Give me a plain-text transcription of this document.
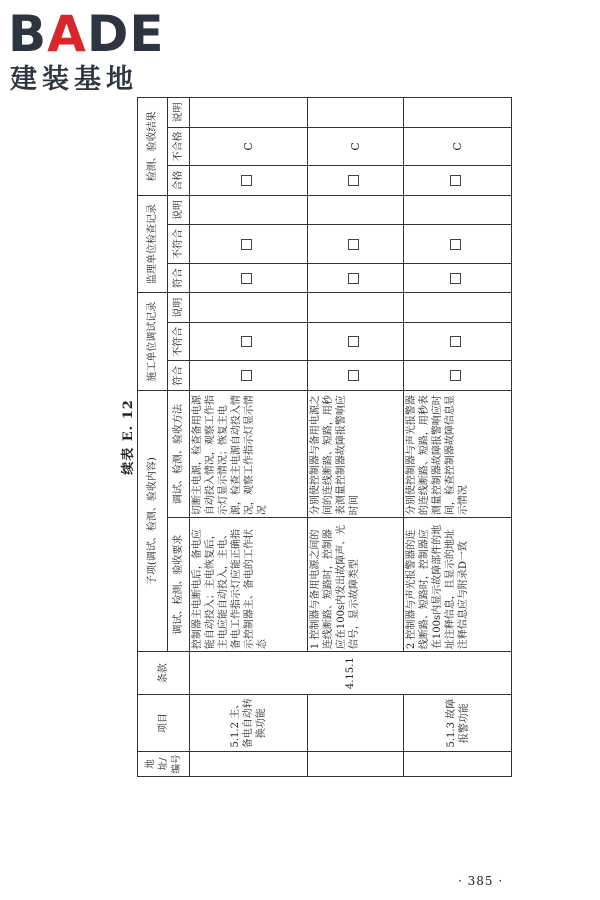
BADE
建装基地
续表 E. 12
地址/编号	项目	条款	子项(调试、检测、验收内容)		施工单位调试记录			监理单位检查记录			检测、验收结果		
			调试、检测、验收要求	调试、检测、验收方法	符合	不符合	说明	符合	不符合	说明	合格	不合格	说明
	5.1.2 主、备电自动转换功能	4.15.1	控制器主电断电后，备电应能自动投入；主电恢复后，主电应能自动投入，主电、备电工作指示灯应能正确指示控制器主、备电的工作状态	切断主电源，检查备用电源自动投入情况，观察工作指示灯显示情况；恢复主电源，检查主电源自动投入情况，观察工作指示灯显示情况								C	
			1 控制器与备用电源之间的连线断路、短路时，控制器应在100s内发出故障声、光信号，显示故障类型	分别使控制器与备用电源之间的连线断路、短路，用秒表测量控制器故障报警响应时间								C	
	5.1.3 故障报警功能		2 控制器与声光报警器的连线断路、短路时，控制器应在100s内显示故障部件的地址注释信息，且显示的地址注释信息应与附录D一致	分别使控制器与声光报警器的连线断路、短路，用秒表测量控制器故障报警响应时间，检查控制器故障信息显示情况								C	
· 385 ·
